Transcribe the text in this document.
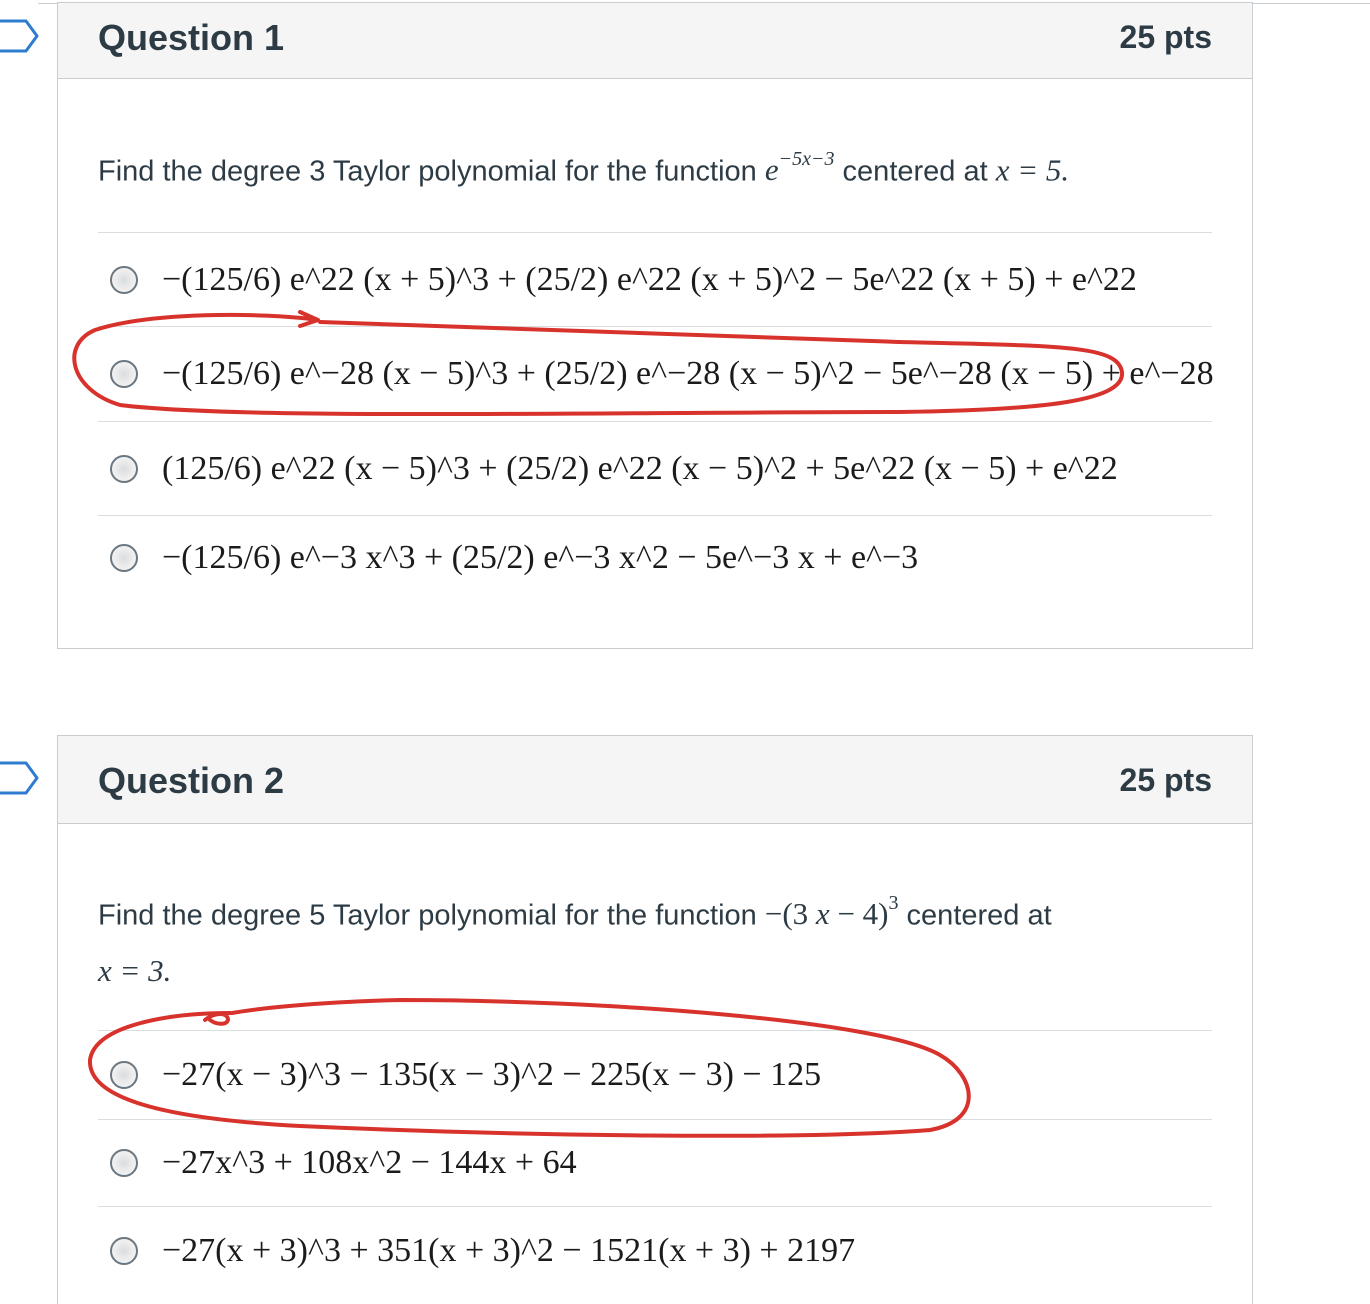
Question 1	25 pts
Find the degree 3 Taylor polynomial for the function $e^{-5x-3}$ centered at x = 5.
−(125/6) e^22 (x + 5)^3 + (25/2) e^22 (x + 5)^2 − 5e^22 (x + 5) + e^22
−(125/6) e^−28 (x − 5)^3 + (25/2) e^−28 (x − 5)^2 − 5e^−28 (x − 5) + e^−28
(125/6) e^22 (x − 5)^3 + (25/2) e^22 (x − 5)^2 + 5e^22 (x − 5) + e^22
−(125/6) e^−3 x^3 + (25/2) e^−3 x^2 − 5e^−3 x + e^−3
Question 2	25 pts
Find the degree 5 Taylor polynomial for the function −(3 x − 4)$^3$ centered at
x = 3.
−27(x − 3)^3 − 135(x − 3)^2 − 225(x − 3) − 125
−27x^3 + 108x^2 − 144x + 64
−27(x + 3)^3 + 351(x + 3)^2 − 1521(x + 3) + 2197
